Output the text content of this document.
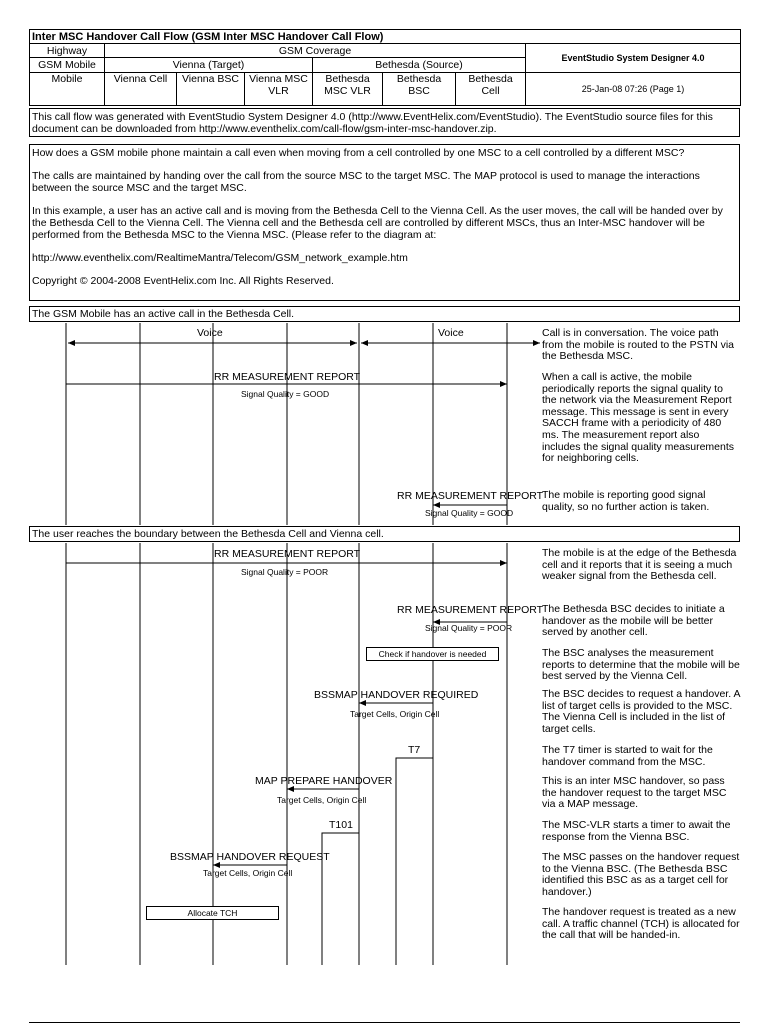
Inter MSC Handover Call Flow (GSM Inter MSC Handover Call Flow)							
Highway	GSM Coverage						EventStudio System Designer 4.0
GSM Mobile	Vienna (Target)			Bethesda (Source)			
Mobile	Vienna Cell	Vienna BSC	Vienna MSC VLR	Bethesda MSC VLR	Bethesda BSC	Bethesda Cell	25-Jan-08 07:26 (Page 1)
This call flow was generated with EventStudio System Designer 4.0 (http://www.EventHelix.com/EventStudio). The EventStudio source files for this document can be downloaded from http://www.eventhelix.com/call-flow/gsm-inter-msc-handover.zip.

How does a GSM mobile phone maintain a call even when moving from a cell controlled by one MSC to a cell controlled by a different MSC?

The calls are maintained by handing over the call from the source MSC to the target MSC. The MAP protocol is used to manage the interactions between the source MSC and the target MSC.

In this example, a user has an active call and is moving from the Bethesda Cell to the Vienna Cell. As the user moves, the call will be handed over by the Bethesda Cell to the Vienna Cell. The Vienna cell and the Bethesda cell are controlled by different MSCs, thus an Inter-MSC handover will be performed from the Bethesda MSC to the Vienna MSC. (Please refer to the diagram at:

http://www.eventhelix.com/RealtimeMantra/Telecom/GSM_network_example.htm

Copyright © 2004-2008 EventHelix.com Inc. All Rights Reserved.

The GSM Mobile has an active call in the Bethesda Cell.
The user reaches the boundary between the Bethesda Cell and Vienna cell.
Voice	Voice
RR MEASUREMENT REPORT
Signal Quality = GOOD
RR MEASUREMENT REPORT
Signal Quality = GOOD
RR MEASUREMENT REPORT
Signal Quality = POOR
RR MEASUREMENT REPORT
Signal Quality = POOR
Check if handover is needed
BSSMAP HANDOVER REQUIRED
Target Cells, Origin Cell
T7
MAP PREPARE HANDOVER
Target Cells, Origin Cell
T101
BSSMAP HANDOVER REQUEST
Target Cells, Origin Cell
Allocate TCH
Call is in conversation. The voice path from the mobile is routed to the PSTN via the Bethesda MSC.
When a call is active, the mobile periodically reports the signal quality to the network via the Measurement Report message. This message is sent in every SACCH frame with a periodicity of 480 ms. The measurement report also includes the signal quality measurements for neighboring cells.
The mobile is reporting good signal quality, so no further action is taken.
The mobile is at the edge of the Bethesda cell and it reports that it is seeing a much weaker signal from the Bethesda cell.
The Bethesda BSC decides to initiate a handover as the mobile will be better served by another cell.
The BSC analyses the measurement reports to determine that the mobile will be best served by the Vienna Cell.
The BSC decides to request a handover. A list of target cells is provided to the MSC. The Vienna Cell is included in the list of target cells.
The T7 timer is started to wait for the handover command from the MSC.
This is an inter MSC handover, so pass the handover request to the target MSC via a MAP message.
The MSC-VLR starts a timer to await the response from the Vienna BSC.
The MSC passes on the handover request to the Vienna BSC. (The Bethesda BSC identified this BSC as as a target cell for handover.)
The handover request is treated as a new call. A traffic channel (TCH) is allocated for the call that will be handed-in.
